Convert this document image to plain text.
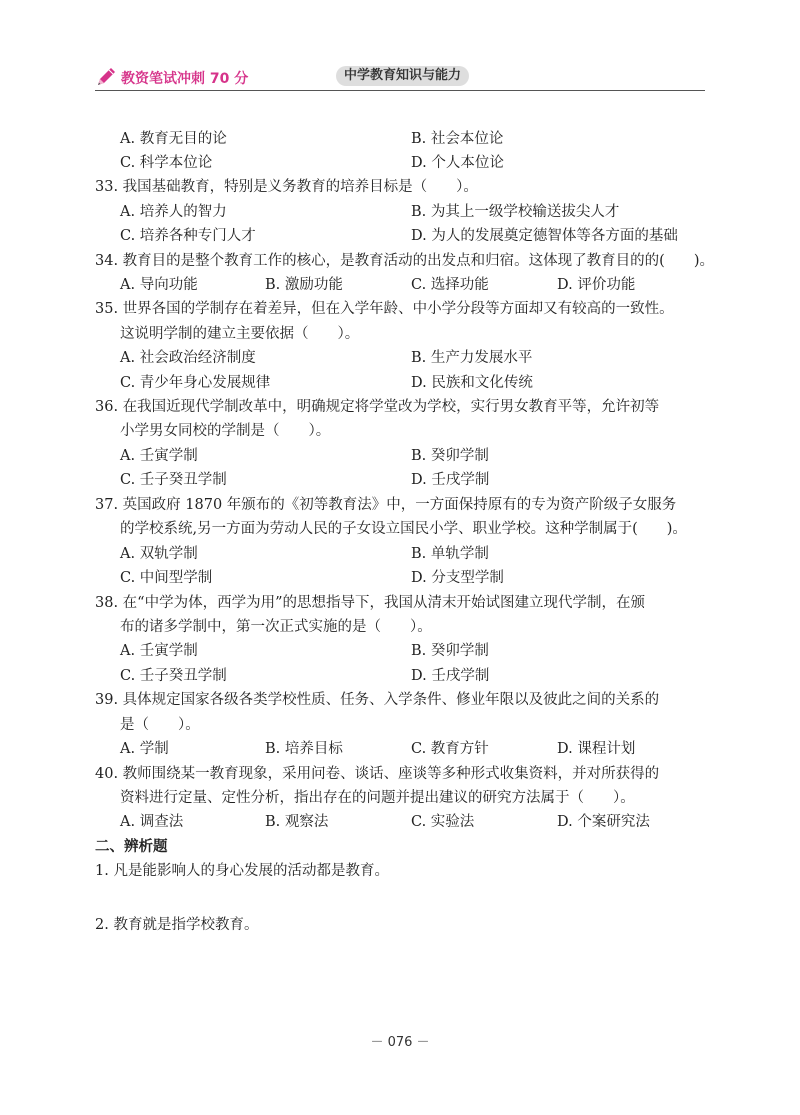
教资笔试冲刺 70 分	中学教育知识与能力
A. 教育无目的论	B. 社会本位论
C. 科学本位论	D. 个人本位论
33. 我国基础教育，特别是义务教育的培养目标是（　　）。
A. 培养人的智力	B. 为其上一级学校输送拔尖人才
C. 培养各种专门人才	D. 为人的发展奠定德智体等各方面的基础
34. 教育目的是整个教育工作的核心，是教育活动的出发点和归宿。这体现了教育目的的(　　)。
A. 导向功能	B. 激励功能	C. 选择功能	D. 评价功能
35. 世界各国的学制存在着差异，但在入学年龄、中小学分段等方面却又有较高的一致性。
这说明学制的建立主要依据（　　）。
A. 社会政治经济制度	B. 生产力发展水平
C. 青少年身心发展规律	D. 民族和文化传统
36. 在我国近现代学制改革中，明确规定将学堂改为学校，实行男女教育平等，允许初等
小学男女同校的学制是（　　）。
A. 壬寅学制	B. 癸卯学制
C. 壬子癸丑学制	D. 壬戌学制
37. 英国政府 1870 年颁布的《初等教育法》中，一方面保持原有的专为资产阶级子女服务
的学校系统,另一方面为劳动人民的子女设立国民小学、职业学校。这种学制属于(　　)。
A. 双轨学制	B. 单轨学制
C. 中间型学制	D. 分支型学制
38. 在“中学为体，西学为用”的思想指导下，我国从清末开始试图建立现代学制，在颁
布的诸多学制中，第一次正式实施的是（　　）。
A. 壬寅学制	B. 癸卯学制
C. 壬子癸丑学制	D. 壬戌学制
39. 具体规定国家各级各类学校性质、任务、入学条件、修业年限以及彼此之间的关系的
是（　　）。
A. 学制	B. 培养目标	C. 教育方针	D. 课程计划
40. 教师围绕某一教育现象，采用问卷、谈话、座谈等多种形式收集资料，并对所获得的
资料进行定量、定性分析，指出存在的问题并提出建议的研究方法属于（　　）。
A. 调查法	B. 观察法	C. 实验法	D. 个案研究法
二、辨析题
1. 凡是能影响人的身心发展的活动都是教育。
2. 教育就是指学校教育。
－ 076 －
